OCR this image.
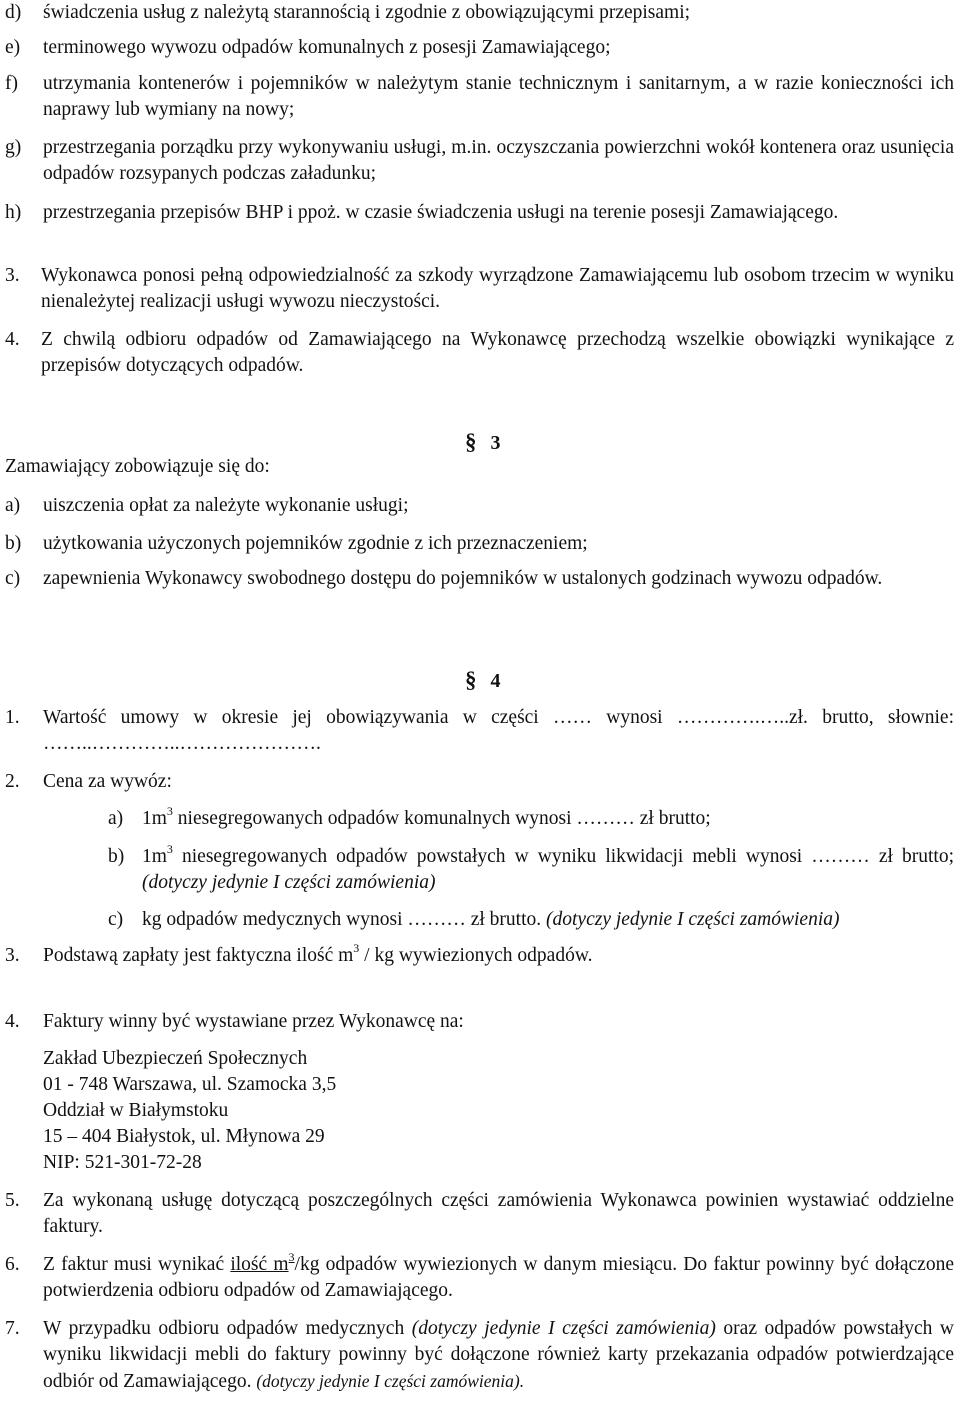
d)	świadczenia usług z należytą starannością i zgodnie z obowiązującymi przepisami;
e)	terminowego wywozu odpadów komunalnych z posesji Zamawiającego;
f)	utrzymania kontenerów i pojemników w należytym stanie technicznym i sanitarnym, a w razie konieczności ich naprawy lub wymiany na nowy;
g)	przestrzegania porządku przy wykonywaniu usługi, m.in. oczyszczania powierzchni wokół kontenera oraz usunięcia odpadów rozsypanych podczas załadunku;
h)	przestrzegania przepisów BHP i ppoż. w czasie świadczenia usługi na terenie posesji Zamawiającego.
3.	Wykonawca ponosi pełną odpowiedzialność za szkody wyrządzone Zamawiającemu lub osobom trzecim w wyniku nienależytej realizacji usługi wywozu nieczystości.
4.	Z chwilą odbioru odpadów od Zamawiającego na Wykonawcę przechodzą wszelkie obowiązki wynikające z przepisów dotyczących odpadów.
§ 3
Zamawiający zobowiązuje się do:
a)	uiszczenia opłat za należyte wykonanie usługi;
b)	użytkowania użyczonych pojemników zgodnie z ich przeznaczeniem;
c)	zapewnienia Wykonawcy swobodnego dostępu do pojemników w ustalonych godzinach wywozu odpadów.
§ 4
1.	Wartość umowy w okresie jej obowiązywania w części …… wynosi ………….…..zł. brutto, słownie: ……..…………..………………….
2.	Cena za wywóz:
a) $1m^3$ niesegregowanych odpadów komunalnych wynosi ……… zł brutto;
b) $1m^3$ niesegregowanych odpadów powstałych w wyniku likwidacji mebli wynosi ……… zł brutto; (dotyczy jedynie I części zamówienia)
c) kg odpadów medycznych wynosi ……… zł brutto. (dotyczy jedynie I części zamówienia)
3.	Podstawą zapłaty jest faktyczna ilość $m^3$ / kg wywiezionych odpadów.
4.	Faktury winny być wystawiane przez Wykonawcę na:
Zakład Ubezpieczeń Społecznych
01 - 748 Warszawa, ul. Szamocka 3,5
Oddział w Białymstoku
15 – 404 Białystok, ul. Młynowa 29
NIP: 521-301-72-28
5.	Za wykonaną usługę dotyczącą poszczególnych części zamówienia Wykonawca powinien wystawiać oddzielne faktury.
6.	Z faktur musi wynikać ilość $m^3/kg$ odpadów wywiezionych w danym miesiącu. Do faktur powinny być dołączone potwierdzenia odbioru odpadów od Zamawiającego.
7.	W przypadku odbioru odpadów medycznych (dotyczy jedynie I części zamówienia) oraz odpadów powstałych w wyniku likwidacji mebli do faktury powinny być dołączone również karty przekazania odpadów potwierdzające odbiór od Zamawiającego. (dotyczy jedynie I części zamówienia).
